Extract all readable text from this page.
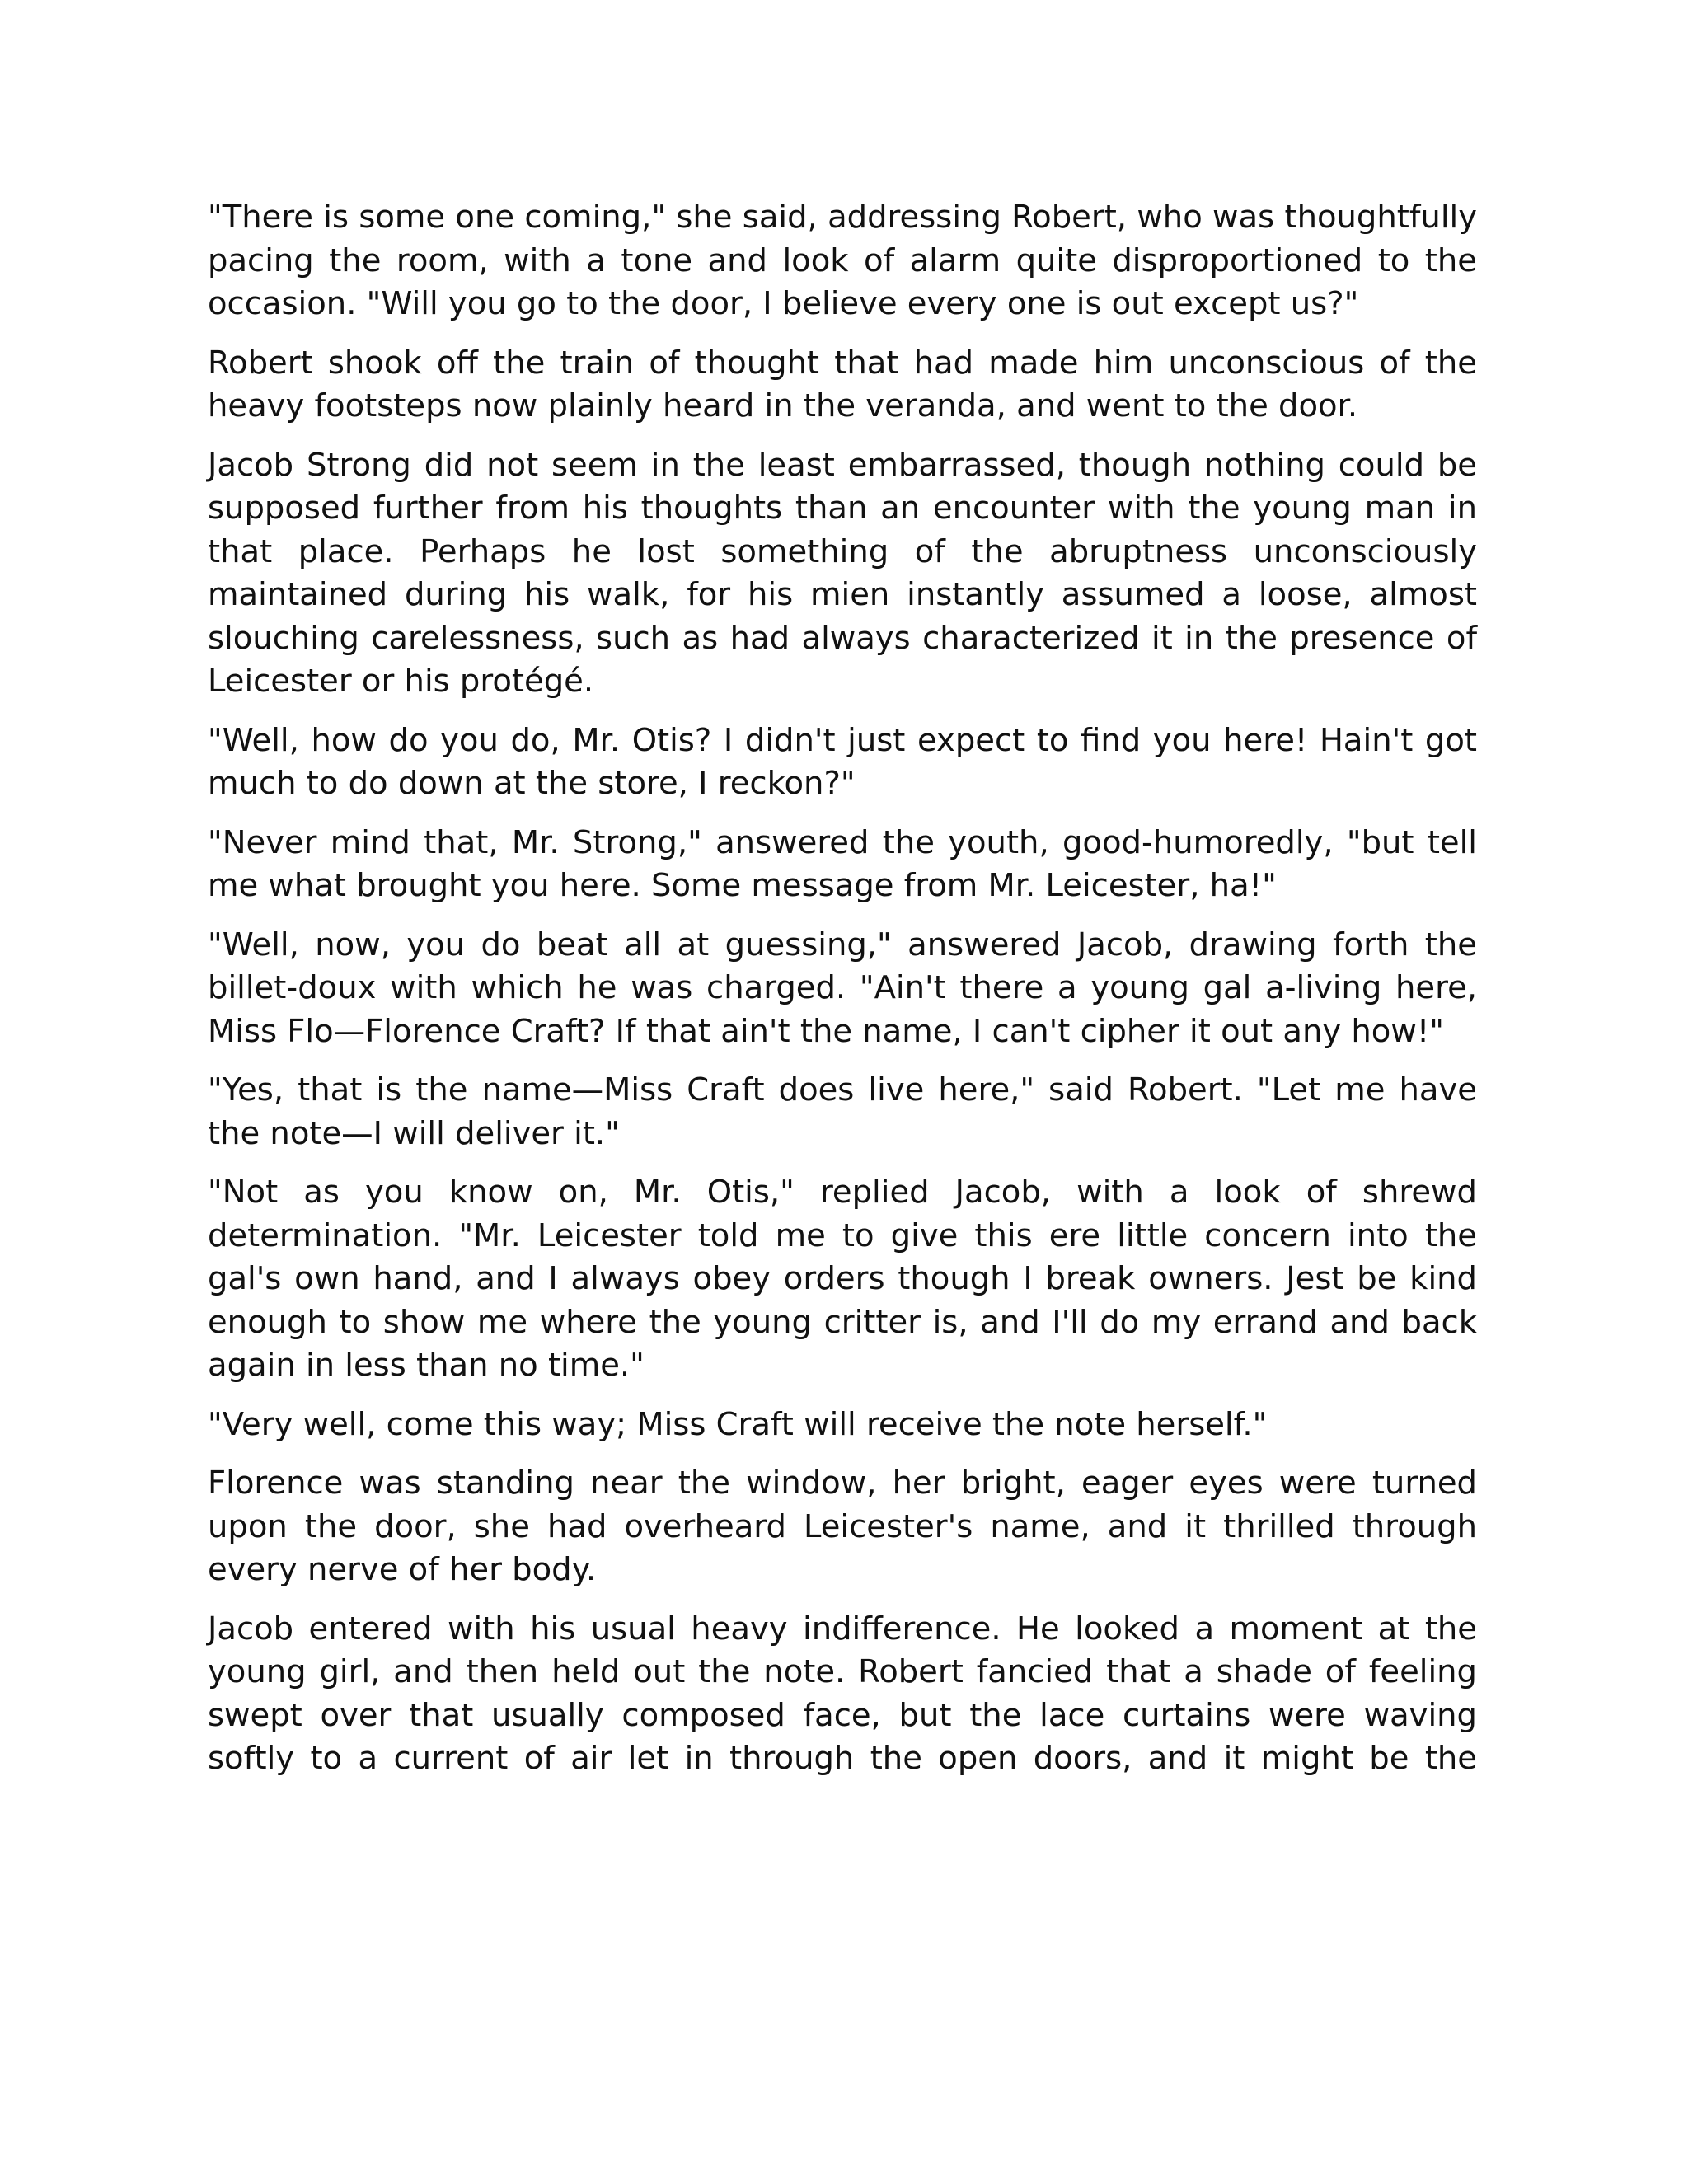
"There is some one coming," she said, addressing Robert, who was thoughtfully pacing the room, with a tone and look of alarm quite disproportioned to the occasion. "Will you go to the door, I believe every one is out except us?"

Robert shook off the train of thought that had made him unconscious of the heavy footsteps now plainly heard in the veranda, and went to the door.

Jacob Strong did not seem in the least embarrassed, though nothing could be supposed further from his thoughts than an encounter with the young man in that place. Perhaps he lost something of the abruptness unconsciously maintained during his walk, for his mien instantly assumed a loose, almost slouching carelessness, such as had always characterized it in the presence of Leicester or his protégé.

"Well, how do you do, Mr. Otis? I didn't just expect to find you here! Hain't got much to do down at the store, I reckon?"

"Never mind that, Mr. Strong," answered the youth, good-humoredly, "but tell me what brought you here. Some message from Mr. Leicester, ha!"

"Well, now, you do beat all at guessing," answered Jacob, drawing forth the billet-doux with which he was charged. "Ain't there a young gal a-living here, Miss Flo—Florence Craft? If that ain't the name, I can't cipher it out any how!"

"Yes, that is the name—Miss Craft does live here," said Robert. "Let me have the note—I will deliver it."

"Not as you know on, Mr. Otis," replied Jacob, with a look of shrewd determination. "Mr. Leicester told me to give this ere little concern into the gal's own hand, and I always obey orders though I break owners. Jest be kind enough to show me where the young critter is, and I'll do my errand and back again in less than no time."

"Very well, come this way; Miss Craft will receive the note herself."

Florence was standing near the window, her bright, eager eyes were turned upon the door, she had overheard Leicester's name, and it thrilled through every nerve of her body.

Jacob entered with his usual heavy indifference. He looked a moment at the young girl, and then held out the note. Robert fancied that a shade of feeling swept over that usually composed face, but the lace curtains were waving softly to a current of air let in through the open doors, and it might be the
